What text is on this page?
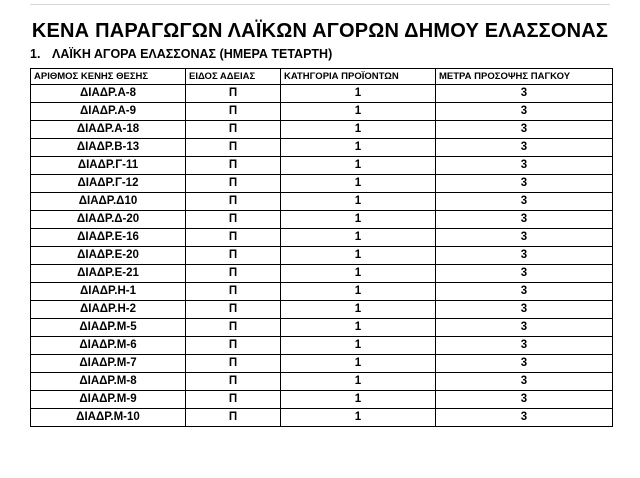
ΚΕΝΑ ΠΑΡΑΓΩΓΩΝ ΛΑΪΚΩΝ ΑΓΟΡΩΝ ΔΗΜΟΥ ΕΛΑΣΣΟΝΑΣ
1. ΛΑΪΚΗ ΑΓΟΡΑ ΕΛΑΣΣΟΝΑΣ (ΗΜΕΡΑ ΤΕΤΑΡΤΗ)
ΑΡΙΘΜΟΣ ΚΕΝΗΣ ΘΕΣΗΣ	ΕΙΔΟΣ ΑΔΕΙΑΣ	ΚΑΤΗΓΟΡΙΑ ΠΡΟΪΟΝΤΩΝ	ΜΕΤΡΑ ΠΡΟΣΟΨΗΣ ΠΑΓΚΟΥ
ΔΙΑΔΡ.Α-8	Π	1	3
ΔΙΑΔΡ.Α-9	Π	1	3
ΔΙΑΔΡ.Α-18	Π	1	3
ΔΙΑΔΡ.Β-13	Π	1	3
ΔΙΑΔΡ.Γ-11	Π	1	3
ΔΙΑΔΡ.Γ-12	Π	1	3
ΔΙΑΔΡ.Δ10	Π	1	3
ΔΙΑΔΡ.Δ-20	Π	1	3
ΔΙΑΔΡ.Ε-16	Π	1	3
ΔΙΑΔΡ.Ε-20	Π	1	3
ΔΙΑΔΡ.Ε-21	Π	1	3
ΔΙΑΔΡ.Η-1	Π	1	3
ΔΙΑΔΡ.Η-2	Π	1	3
ΔΙΑΔΡ.Μ-5	Π	1	3
ΔΙΑΔΡ.Μ-6	Π	1	3
ΔΙΑΔΡ.Μ-7	Π	1	3
ΔΙΑΔΡ.Μ-8	Π	1	3
ΔΙΑΔΡ.Μ-9	Π	1	3
ΔΙΑΔΡ.Μ-10	Π	1	3
